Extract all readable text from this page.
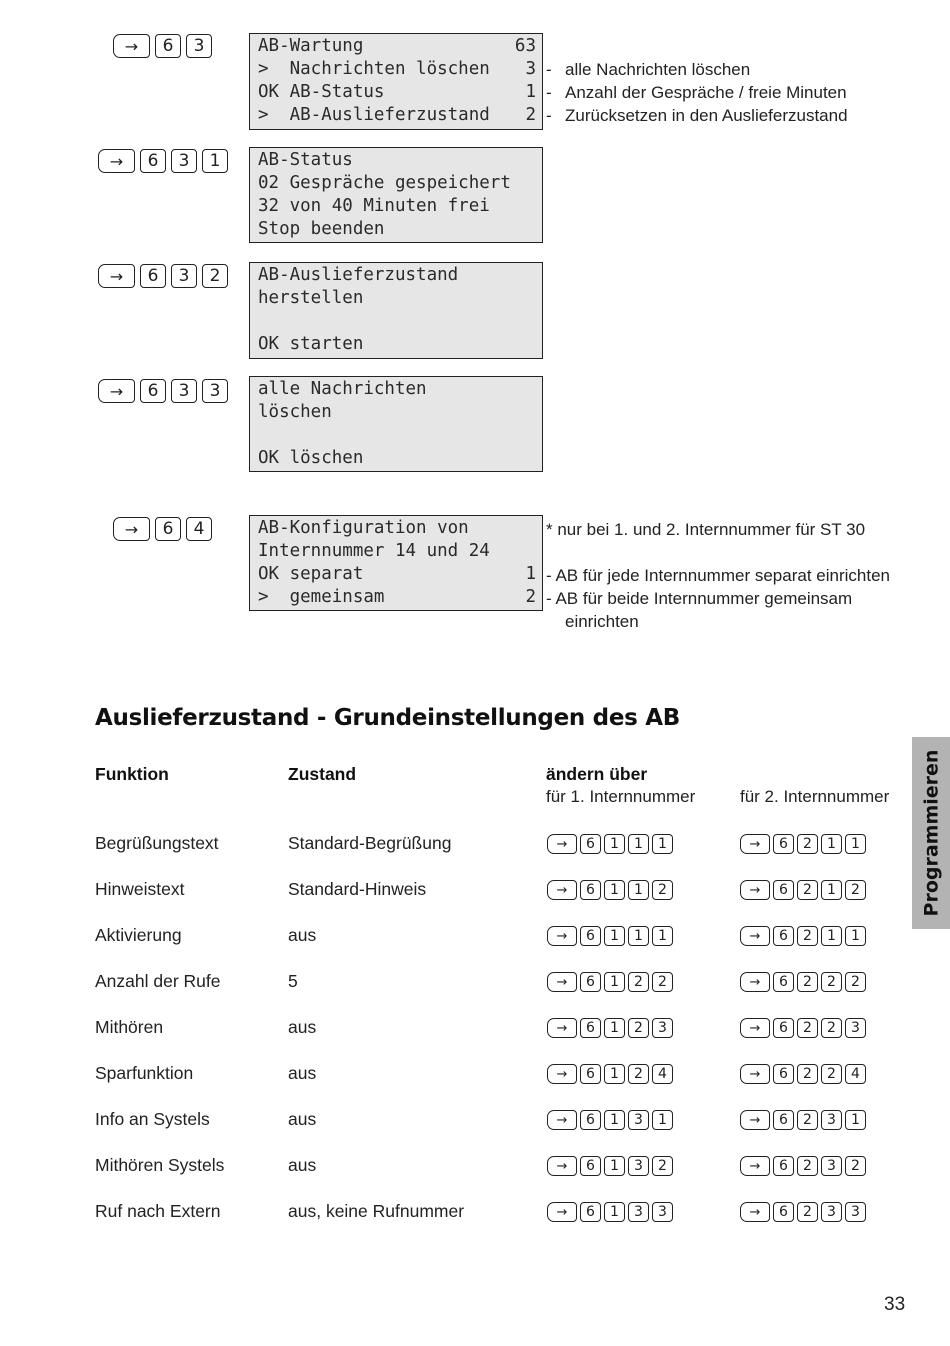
→	6	3	AB-Wartung	63
>  Nachrichten löschen 3
OK AB-Status	1
>  AB-Auslieferzustand 2
- alle Nachrichten löschen
- Anzahl der Gespräche / freie Minuten
- Zurücksetzen in den Auslieferzustand
→	6	3	1	AB-Status
02 Gespräche gespeichert
32 von 40 Minuten frei
Stop beenden
→	6	3	2	AB-Auslieferzustand
herstellen
OK starten
→	6	3	3	alle Nachrichten
löschen
OK löschen
→	6	4	AB-Konfiguration von
Internnummer 14 und 24
OK separat	1
>  gemeinsam	2
* nur bei 1. und 2. Internnummer für ST 30
- AB für jede Internnummer separat einrichten
- AB für beide Internnummer gemeinsam
einrichten
Auslieferzustand - Grundeinstellungen des AB
Funktion	Zustand	ändern über
für 1. Internnummer	für 2. Internnummer
Begrüßungstext	Standard-Begrüßung	→	6	1	1	1	→	6	2	1	1
Hinweistext	Standard-Hinweis	→	6	1	1	2	→	6	2	1	2
Aktivierung	aus	→	6	1	1	1	→	6	2	1	1
Anzahl der Rufe	5	→	6	1	2	2	→	6	2	2	2
Mithören	aus	→	6	1	2	3	→	6	2	2	3
Sparfunktion	aus	→	6	1	2	4	→	6	2	2	4
Info an Systels	aus	→	6	1	3	1	→	6	2	3	1
Mithören Systels	aus	→	6	1	3	2	→	6	2	3	2
Ruf nach Extern	aus, keine Rufnummer	→	6	1	3	3	→	6	2	3	3
Programmieren
33
